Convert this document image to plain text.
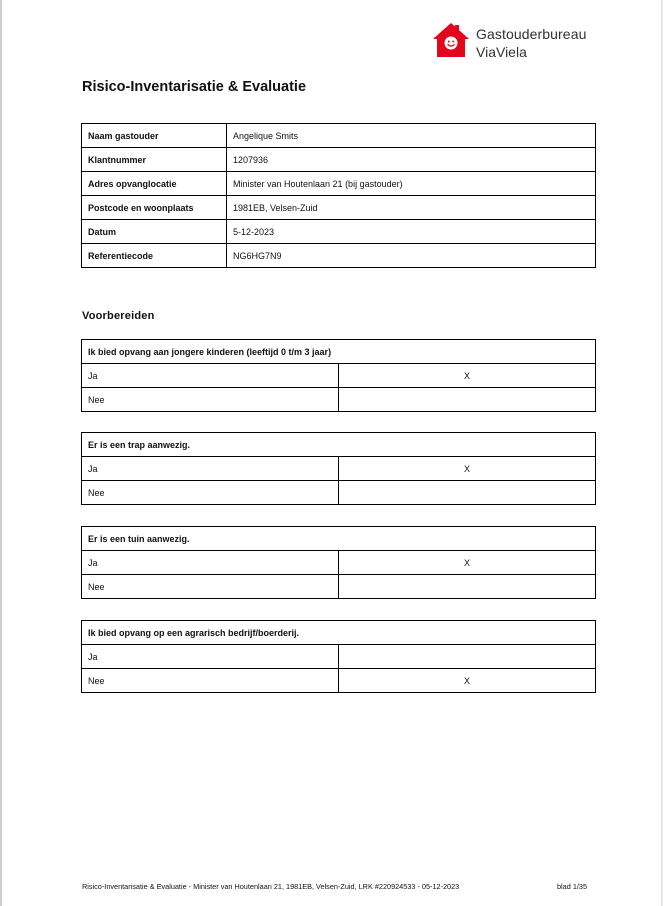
Gastouderbureau
ViaViela
Risico-Inventarisatie & Evaluatie
Naam gastouder	Angelique Smits
Klantnummer	1207936
Adres opvanglocatie	Minister van Houtenlaan 21 (bij gastouder)
Postcode en woonplaats	1981EB, Velsen-Zuid
Datum	5-12-2023
Referentiecode	NG6HG7N9
Voorbereiden
Ik bied opvang aan jongere kinderen (leeftijd 0 t/m 3 jaar)	
Ja	X
Nee	
Er is een trap aanwezig.	
Ja	X
Nee	
Er is een tuin aanwezig.	
Ja	X
Nee	
Ik bied opvang op een agrarisch bedrijf/boerderij.	
Ja	
Nee	X
Risico-Inventarisatie & Evaluatie - Minister van Houtenlaan 21, 1981EB, Velsen-Zuid, LRK #220924533 - 05-12-2023	blad 1/35
